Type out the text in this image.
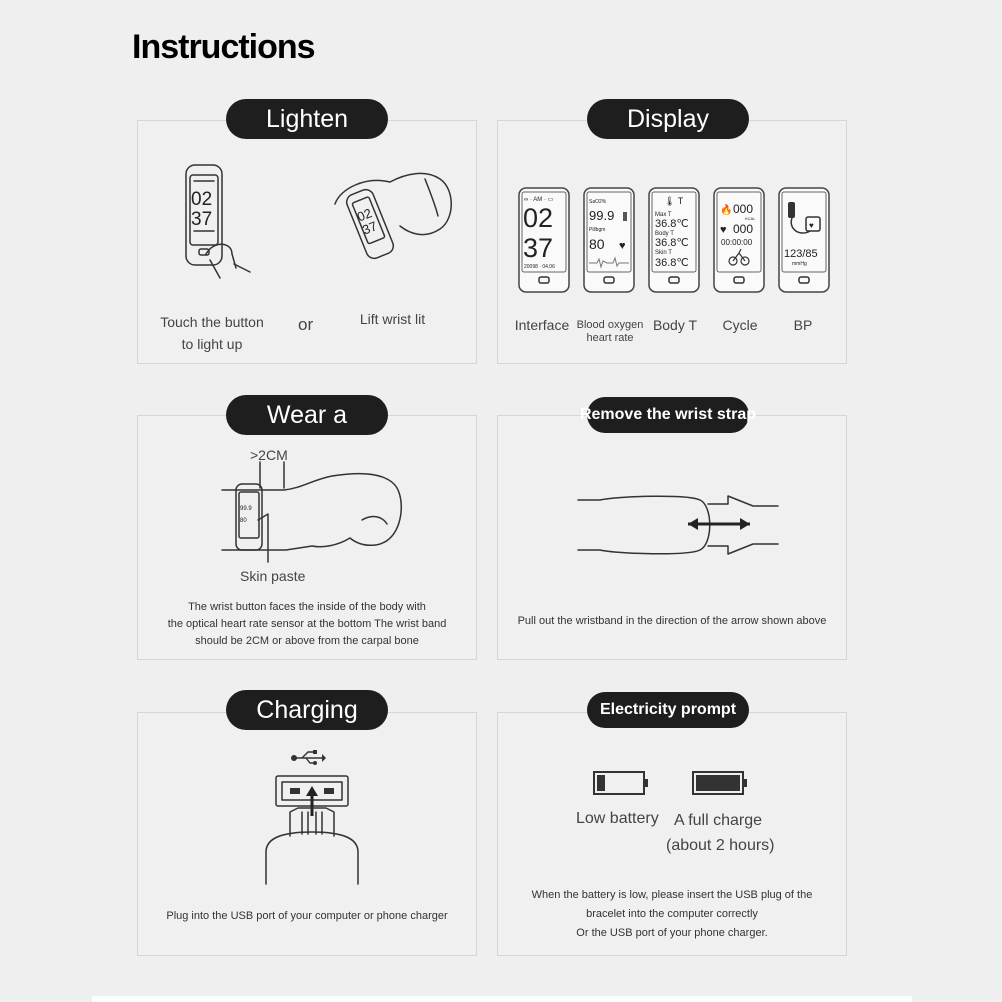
Instructions
Lighten
02
37
Touch the button
to light up
or
02
37
Lift wrist lit
Display
∞ · AM · ▭
02
37
20098 · 04.06
SaO2%
99.9
Pillbgm
80 ♥
🌡 T
Max T
36.8℃
Body T
36.8℃
Skin T
36.8℃
🔥 000
KCAL
♥ 000
00:00:00
♥
123/85
mmHg
Interface Blood oxygen
heart rate
Body T	Cycle	BP
Wear a
>2CM
99.9
80
Skin paste
The wrist button faces the inside of the body with
the optical heart rate sensor at the bottom The wrist band
should be 2CM or above from the carpal bone
Remove the wrist strap
Pull out the wristband in the direction of the arrow shown above
Charging
Plug into the USB port of your computer or phone charger
Electricity prompt
Low battery A full charge
(about 2 hours)
When the battery is low, please insert the USB plug of the
bracelet into the computer correctly
Or the USB port of your phone charger.
